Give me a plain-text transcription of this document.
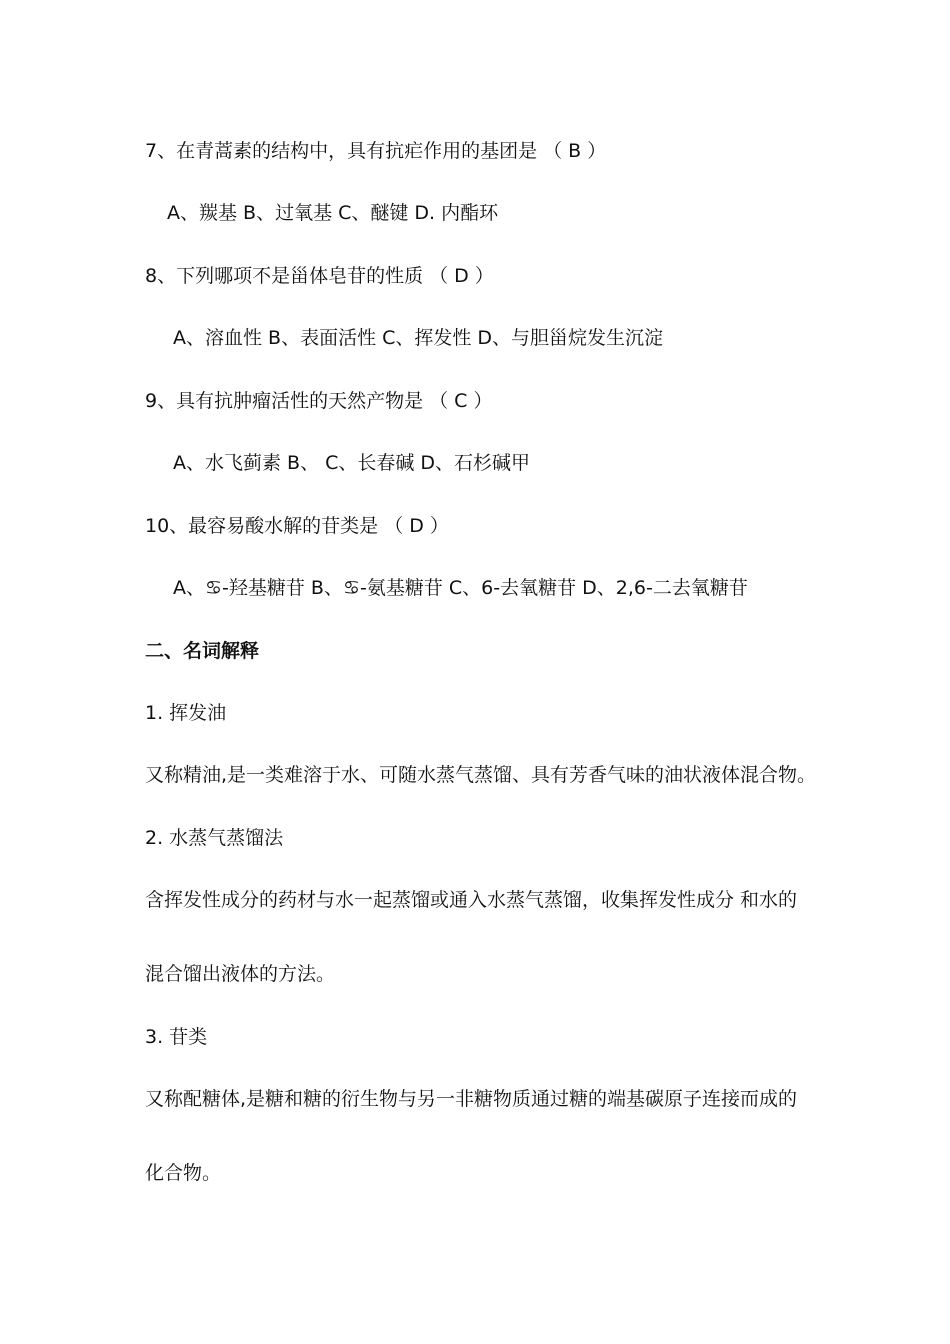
7、在青蒿素的结构中，具有抗疟作用的基团是 （ B ）
A、羰基 B、过氧基 C、醚键 D. 内酯环
8、下列哪项不是甾体皂苷的性质 （ D ）
A、溶血性 B、表面活性 C、挥发性 D、与胆甾烷发生沉淀
9、具有抗肿瘤活性的天然产物是 （ C ）
A、水飞蓟素 B、 C、长春碱 D、石杉碱甲
10、最容易酸水解的苷类是 （ D ）
A、♋-羟基糖苷 B、♋-氨基糖苷 C、6-去氧糖苷 D、2,6-二去氧糖苷
二、名词解释
1. 挥发油
又称精油,是一类难溶于水、可随水蒸气蒸馏、具有芳香气味的油状液体混合物。
2. 水蒸气蒸馏法
含挥发性成分的药材与水一起蒸馏或通入水蒸气蒸馏，收集挥发性成分 和水的
混合馏出液体的方法。
3. 苷类
又称配糖体,是糖和糖的衍生物与另一非糖物质通过糖的端基碳原子连接而成的
化合物。
